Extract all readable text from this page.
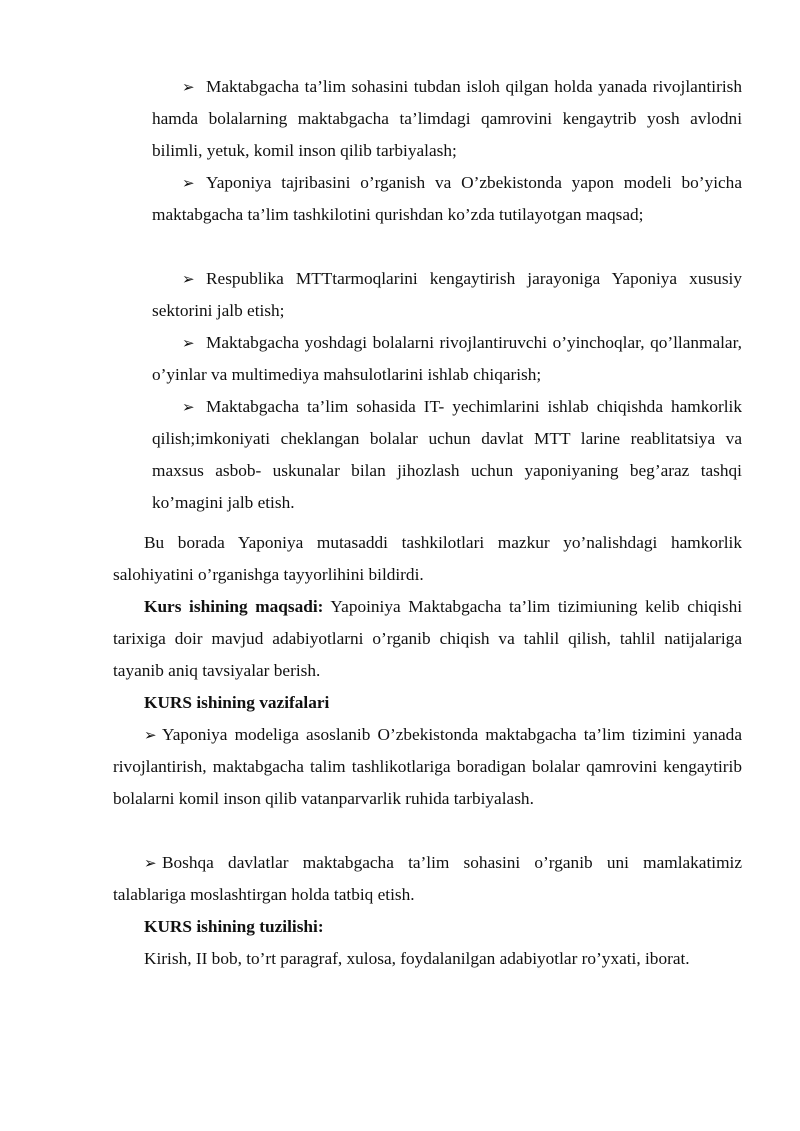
➢ Maktabgacha ta’lim sohasini tubdan isloh qilgan holda yanada rivojlantirish hamda bolalarning maktabgacha ta’limdagi qamrovini kengaytrib yosh avlodni bilimli, yetuk, komil inson qilib tarbiyalash;

➢ Yaponiya tajribasini o’rganish va O’zbekistonda yapon modeli bo’yicha maktabgacha ta’lim tashkilotini qurishdan ko’zda tutilayotgan maqsad;

➢ Respublika MTTtarmoqlarini kengaytirish jarayoniga Yaponiya xususiy sektorini jalb etish;

➢ Maktabgacha yoshdagi bolalarni rivojlantiruvchi o’yinchoqlar, qo’llanmalar, o’yinlar va multimediya mahsulotlarini ishlab chiqarish;

➢ Maktabgacha ta’lim sohasida IT- yechimlarini ishlab chiqishda hamkorlik qilish;imkoniyati cheklangan bolalar uchun davlat MTT larine reablitatsiya va maxsus asbob- uskunalar bilan jihozlash uchun yaponiyaning beg’araz tashqi ko’magini jalb etish.

Bu borada Yaponiya mutasaddi tashkilotlari mazkur yo’nalishdagi hamkorlik salohiyatini o’rganishga tayyorlihini bildirdi.

Kurs ishining maqsadi: Yapoiniya Maktabgacha ta’lim tizimiuning kelib chiqishi tarixiga doir mavjud adabiyotlarni o’rganib chiqish va tahlil qilish, tahlil natijalariga tayanib aniq tavsiyalar berish.

KURS ishining vazifalari

➢ Yaponiya modeliga asoslanib O’zbekistonda maktabgacha ta’lim tizimini yanada rivojlantirish, maktabgacha talim tashlikotlariga boradigan bolalar qamrovini kengaytirib bolalarni komil inson qilib vatanparvarlik ruhida tarbiyalash.

➢ Boshqa davlatlar maktabgacha ta’lim sohasini o’rganib uni mamlakatimiz talablariga moslashtirgan holda tatbiq etish.

KURS ishining tuzilishi:

Kirish, II bob, to’rt paragraf, xulosa, foydalanilgan adabiyotlar ro’yxati, iborat.
